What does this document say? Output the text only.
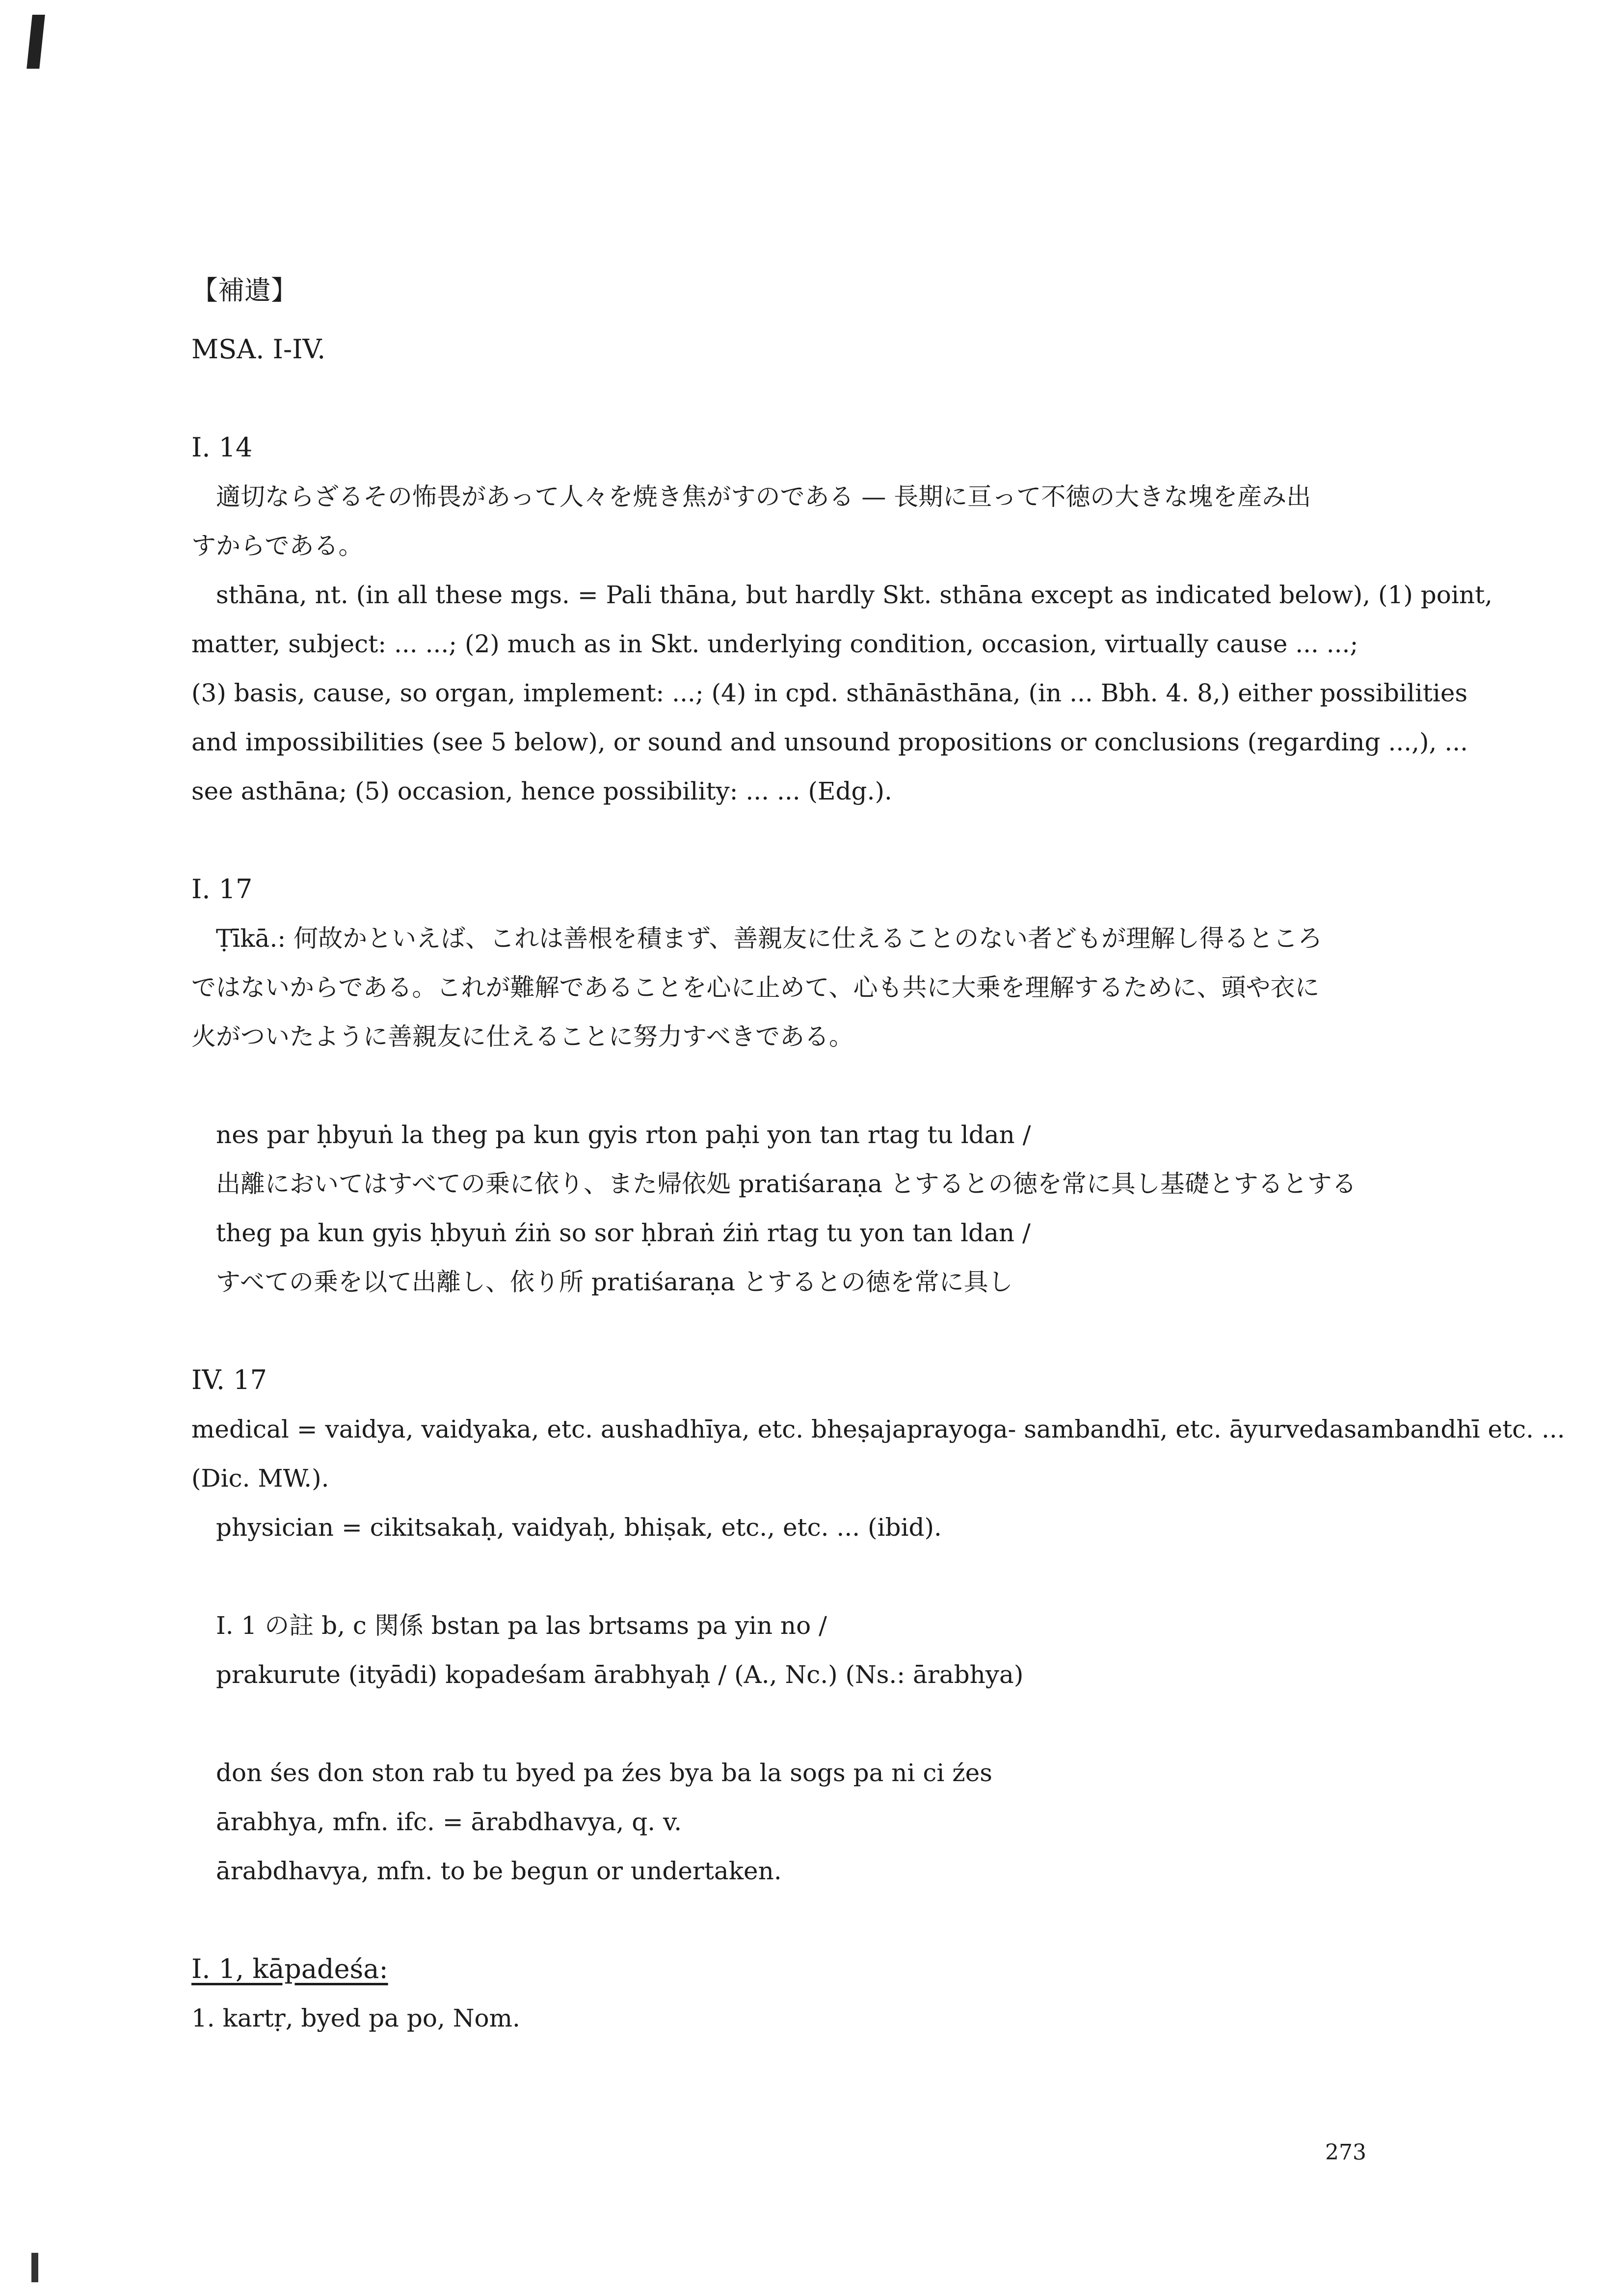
【補遺】
MSA. I-IV.
I. 14
適切ならざるその怖畏があって人々を焼き焦がすのである — 長期に亘って不徳の大きな塊を産み出
すからである。
sthāna, nt. (in all these mgs. = Pali thāna, but hardly Skt. sthāna except as indicated below), (1) point,
matter, subject: ... ...; (2) much as in Skt. underlying condition, occasion, virtually cause ... ...;
(3) basis, cause, so organ, implement: ...; (4) in cpd. sthānāsthāna, (in ... Bbh. 4. 8,) either possibilities
and impossibilities (see 5 below), or sound and unsound propositions or conclusions (regarding ...,), ...
see asthāna; (5) occasion, hence possibility: ... ... (Edg.).
I. 17
Ṭīkā.: 何故かといえば、これは善根を積まず、善親友に仕えることのない者どもが理解し得るところ
ではないからである。これが難解であることを心に止めて、心も共に大乗を理解するために、頭や衣に
火がついたように善親友に仕えることに努力すべきである。
nes par ḥbyuṅ la theg pa kun gyis rton paḥi yon tan rtag tu ldan /
出離においてはすべての乗に依り、また帰依処 pratiśaraṇa とするとの徳を常に具し基礎とするとする
theg pa kun gyis ḥbyuṅ źiṅ so sor ḥbraṅ źiṅ rtag tu yon tan ldan /
すべての乗を以て出離し、依り所 pratiśaraṇa とするとの徳を常に具し
IV. 17
medical = vaidya, vaidyaka, etc. aushadhīya, etc. bheṣajaprayoga- sambandhī, etc. āyurvedasambandhī etc. ...
(Dic. MW.).
physician = cikitsakaḥ, vaidyaḥ, bhiṣak, etc., etc. ... (ibid).
I. 1 の註 b, c 関係 bstan pa las brtsams pa yin no /
prakurute (ityādi) kopadeśam ārabhyaḥ / (A., Nc.) (Ns.: ārabhya)
don śes don ston rab tu byed pa źes bya ba la sogs pa ni ci źes
ārabhya, mfn. ifc. = ārabdhavya, q. v.
ārabdhavya, mfn. to be begun or undertaken.
I. 1, kāpadeśa:
1. kartṛ, byed pa po, Nom.
273
